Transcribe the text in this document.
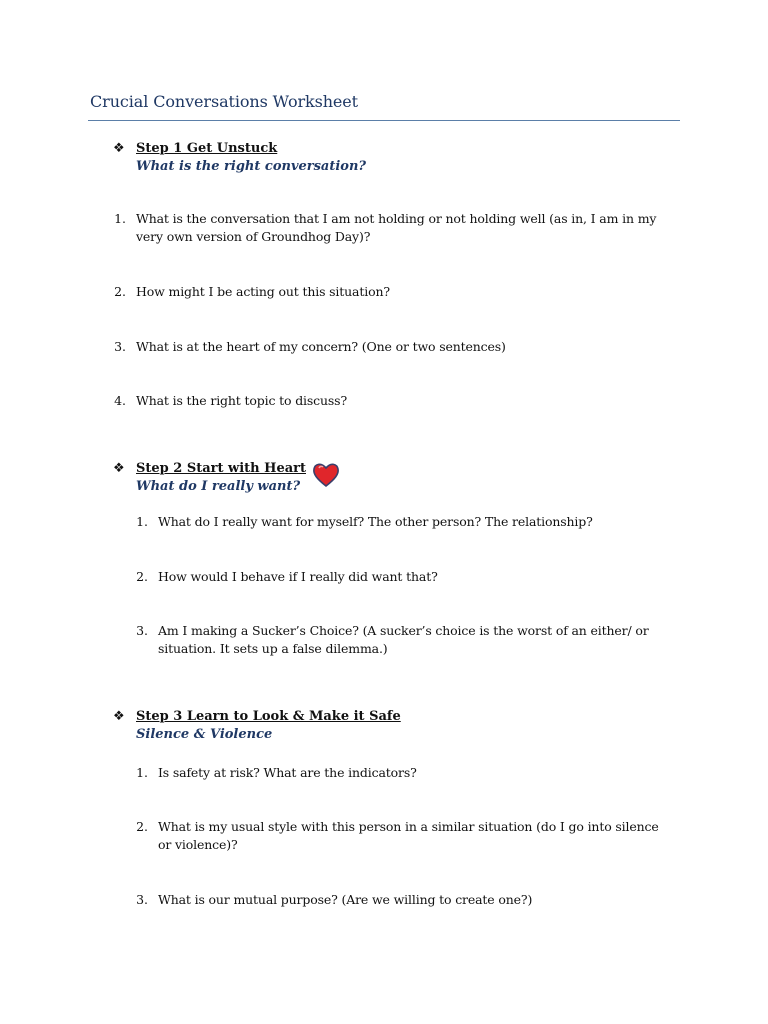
Crucial Conversations Worksheet
❖ Step 1 Get Unstuck
What is the right conversation?
1. What is the conversation that I am not holding or not holding well (as in, I am in my
very own version of Groundhog Day)?
2. How might I be acting out this situation?
3. What is at the heart of my concern? (One or two sentences)
4. What is the right topic to discuss?
❖ Step 2 Start with Heart
What do I really want?
1. What do I really want for myself? The other person? The relationship?
2. How would I behave if I really did want that?
3. Am I making a Sucker’s Choice? (A sucker’s choice is the worst of an either/ or
situation. It sets up a false dilemma.)
❖ Step 3 Learn to Look & Make it Safe
Silence & Violence
1. Is safety at risk? What are the indicators?
2. What is my usual style with this person in a similar situation (do I go into silence
or violence)?
3. What is our mutual purpose? (Are we willing to create one?)
